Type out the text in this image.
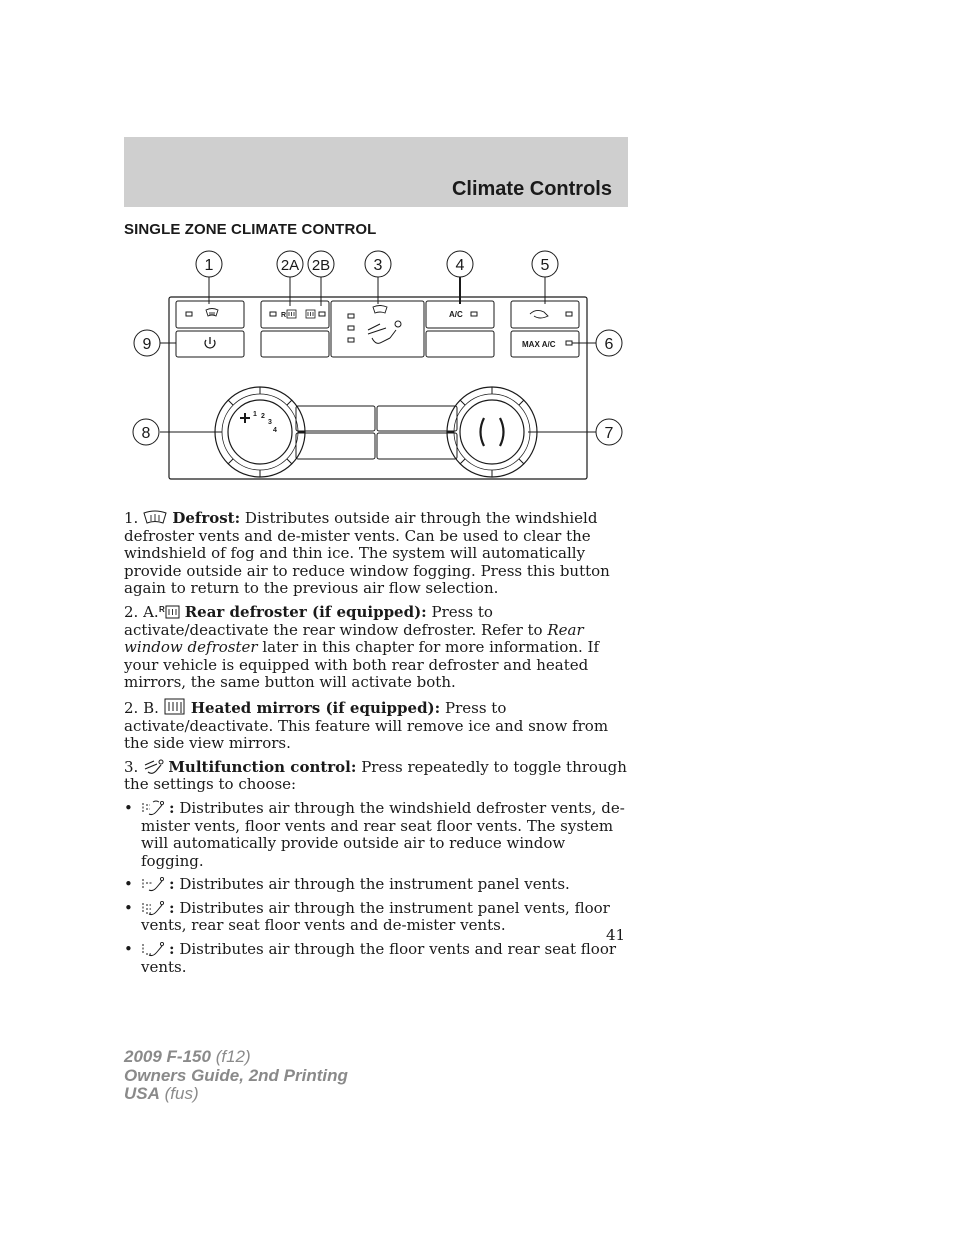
Climate Controls
SINGLE ZONE CLIMATE CONTROL
R	A/C
MAX A/C
1 2
3
4
1	2A 2B	3	4	5
9	6
8	7

1. Defrost: Distributes outside air through the windshield defroster vents and de-mister vents. Can be used to clear the windshield of fog and thin ice. The system will automatically provide outside air to reduce window fogging. Press this button again to return to the previous air flow selection.

2. A. R Rear defroster (if equipped): Press to activate/deactivate the rear window defroster. Refer to Rear window defroster later in this chapter for more information. If your vehicle is equipped with both rear defroster and heated mirrors, the same button will activate both.

2. B. Heated mirrors (if equipped): Press to activate/deactivate. This feature will remove ice and snow from the side view mirrors.

3. Multifunction control: Press repeatedly to toggle through the settings to choose:

• : Distributes air through the windshield defroster vents, de-mister vents, floor vents and rear seat floor vents. The system will automatically provide outside air to reduce window fogging.
• : Distributes air through the instrument panel vents.
• : Distributes air through the instrument panel vents, floor vents, rear seat floor vents and de-mister vents.
• : Distributes air through the floor vents and rear seat floor vents.
41
2009 F-150 (f12)
Owners Guide, 2nd Printing
USA (fus)
